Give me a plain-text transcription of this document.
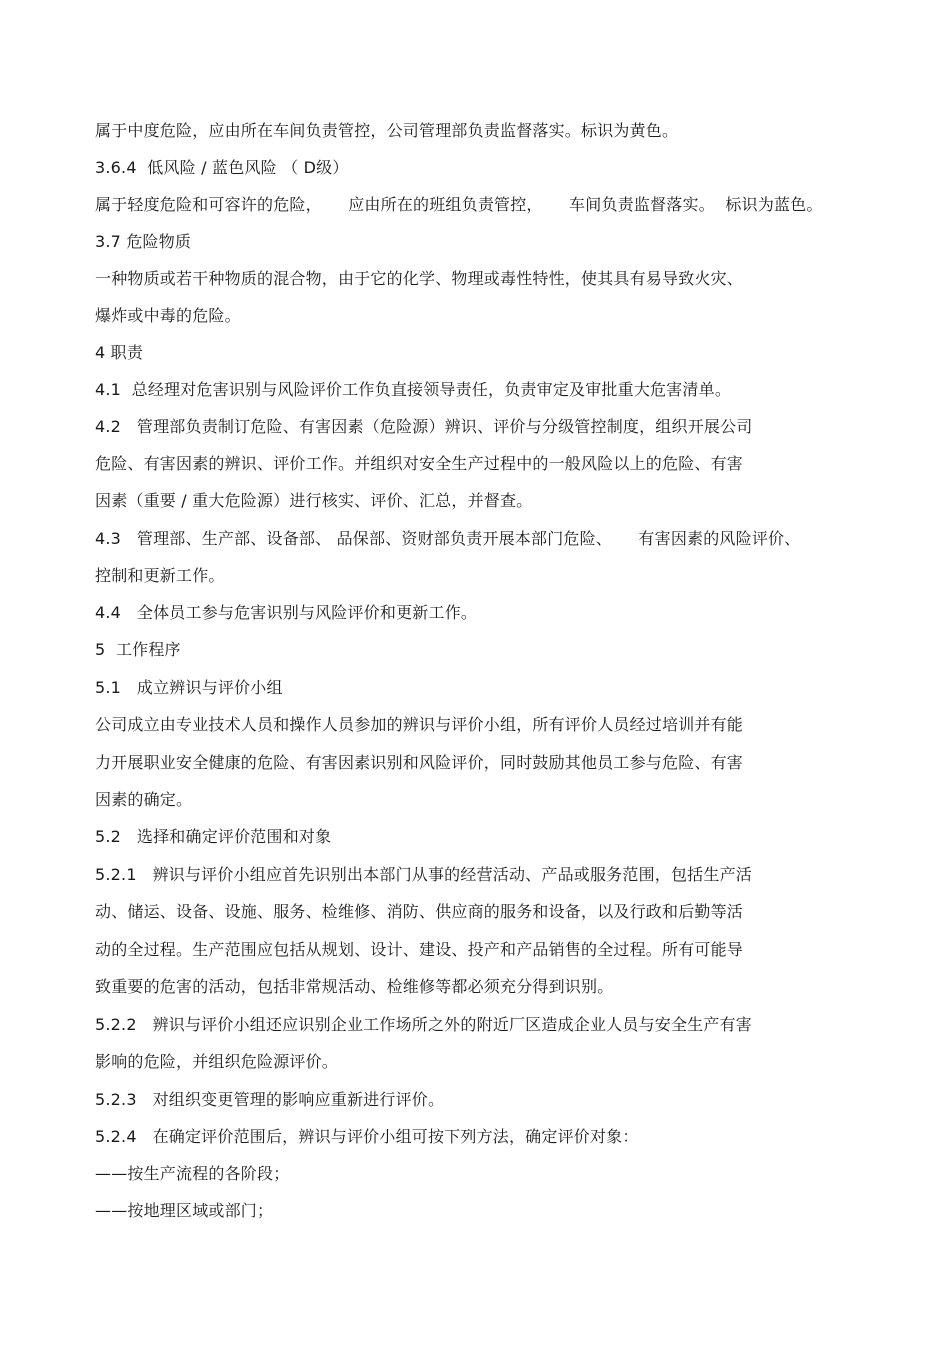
属于中度危险，应由所在车间负责管控，公司管理部负责监督落实。标识为黄色。
3.6.4  低风险 / 蓝色风险 （ D级）
属于轻度危险和可容许的危险，     应由所在的班组负责管控，     车间负责监督落实。  标识为蓝色。
3.7 危险物质
一种物质或若干种物质的混合物，由于它的化学、物理或毒性特性，使其具有易导致火灾、
爆炸或中毒的危险。
4 职责
4.1  总经理对危害识别与风险评价工作负直接领导责任，负责审定及审批重大危害清单。
4.2   管理部负责制订危险、有害因素（危险源）辨识、评价与分级管控制度，组织开展公司
危险、有害因素的辨识、评价工作。并组织对安全生产过程中的一般风险以上的危险、有害
因素（重要 / 重大危险源）进行核实、评价、汇总，并督查。
4.3   管理部、生产部、设备部、 品保部、资财部负责开展本部门危险、     有害因素的风险评价、
控制和更新工作。
4.4   全体员工参与危害识别与风险评价和更新工作。
5  工作程序
5.1   成立辨识与评价小组
公司成立由专业技术人员和操作人员参加的辨识与评价小组，所有评价人员经过培训并有能
力开展职业安全健康的危险、有害因素识别和风险评价，同时鼓励其他员工参与危险、有害
因素的确定。
5.2   选择和确定评价范围和对象
5.2.1   辨识与评价小组应首先识别出本部门从事的经营活动、产品或服务范围，包括生产活
动、储运、设备、设施、服务、检维修、消防、供应商的服务和设备，以及行政和后勤等活
动的全过程。生产范围应包括从规划、设计、建设、投产和产品销售的全过程。所有可能导
致重要的危害的活动，包括非常规活动、检维修等都必须充分得到识别。
5.2.2   辨识与评价小组还应识别企业工作场所之外的附近厂区造成企业人员与安全生产有害
影响的危险，并组织危险源评价。
5.2.3   对组织变更管理的影响应重新进行评价。
5.2.4   在确定评价范围后，辨识与评价小组可按下列方法，确定评价对象：
——按生产流程的各阶段；
——按地理区域或部门；
